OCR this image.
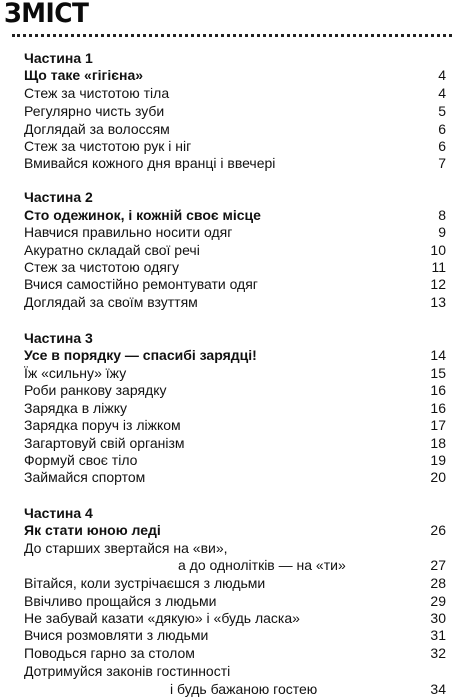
ЗМІСТ
Частина 1
Що таке «гігієна»	4
Стеж за чистотою тіла	4
Регулярно чисть зуби	5
Доглядай за волоссям	6
Стеж за чистотою рук і ніг	6
Вмивайся кожного дня вранці і ввечері	7
Частина 2
Сто одежинок, і кожній своє місце	8
Навчися правильно носити одяг	9
Акуратно складай свої речі	10
Стеж за чистотою одягу	11
Вчися самостійно ремонтувати одяг	12
Доглядай за своїм взуттям	13
Частина 3
Усе в порядку — спасибі зарядці!	14
Їж «сильну» їжу	15
Роби ранкову зарядку	16
Зарядка в ліжку	16
Зарядка поруч із ліжком	17
Загартовуй свій організм	18
Формуй своє тіло	19
Займайся спортом	20
Частина 4
Як стати юною леді	26
До старших звертайся на «ви»,
а до однолітків — на «ти»	27
Вітайся, коли зустрічаєшся з людьми	28
Ввічливо прощайся з людьми	29
Не забувай казати «дякую» і «будь ласка»	30
Вчися розмовляти з людьми	31
Поводься гарно за столом	32
Дотримуйся законів гостинності
і будь бажаною гостею	34
